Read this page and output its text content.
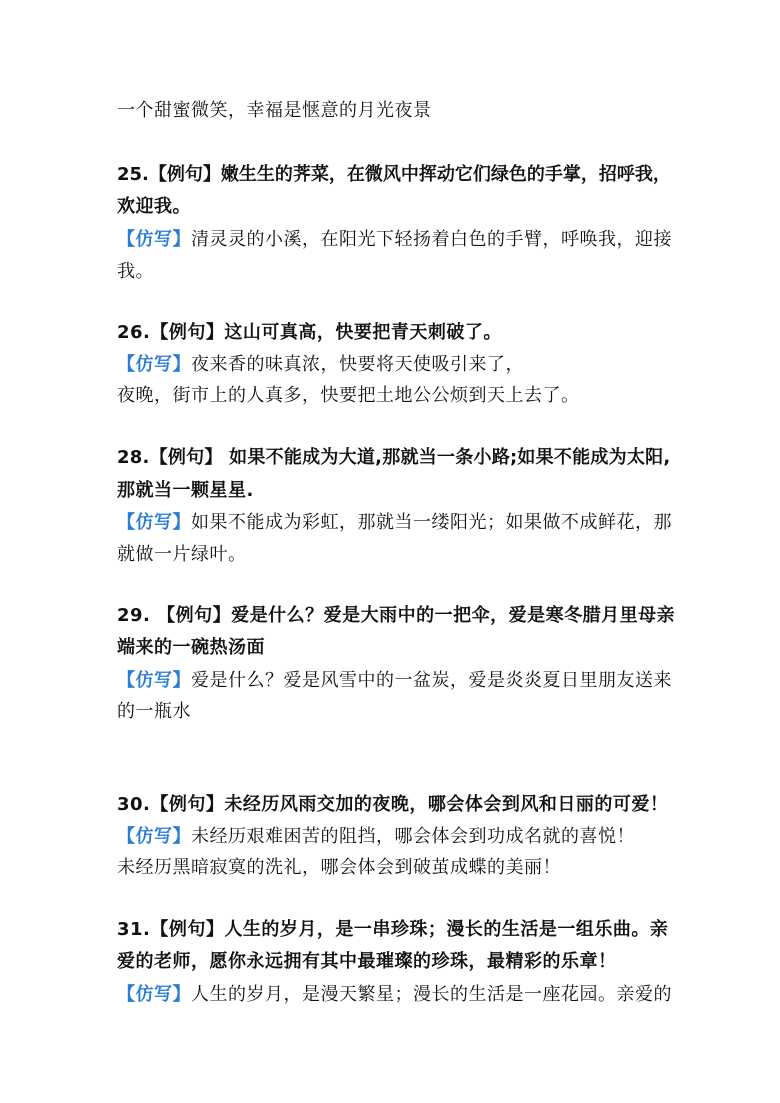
一个甜蜜微笑，幸福是惬意的月光夜景
25.【例句】嫩生生的荠菜，在微风中挥动它们绿色的手掌，招呼我，
欢迎我。
【仿写】清灵灵的小溪，在阳光下轻扬着白色的手臂，呼唤我，迎接
我。
26.【例句】这山可真高，快要把青天刺破了。
【仿写】夜来香的味真浓，快要将天使吸引来了，
夜晚，街市上的人真多，快要把土地公公烦到天上去了。
28.【例句】 如果不能成为大道,那就当一条小路;如果不能成为太阳,
那就当一颗星星.
【仿写】如果不能成为彩虹，那就当一缕阳光；如果做不成鲜花，那
就做一片绿叶。
29. 【例句】爱是什么？爱是大雨中的一把伞，爱是寒冬腊月里母亲
端来的一碗热汤面
【仿写】爱是什么？爱是风雪中的一盆炭，爱是炎炎夏日里朋友送来
的一瓶水
30.【例句】未经历风雨交加的夜晚，哪会体会到风和日丽的可爱！
【仿写】未经历艰难困苦的阻挡，哪会体会到功成名就的喜悦！
未经历黑暗寂寞的洗礼，哪会体会到破茧成蝶的美丽！
31.【例句】人生的岁月，是一串珍珠；漫长的生活是一组乐曲。亲
爱的老师，愿你永远拥有其中最璀璨的珍珠，最精彩的乐章！
【仿写】人生的岁月，是漫天繁星；漫长的生活是一座花园。亲爱的
